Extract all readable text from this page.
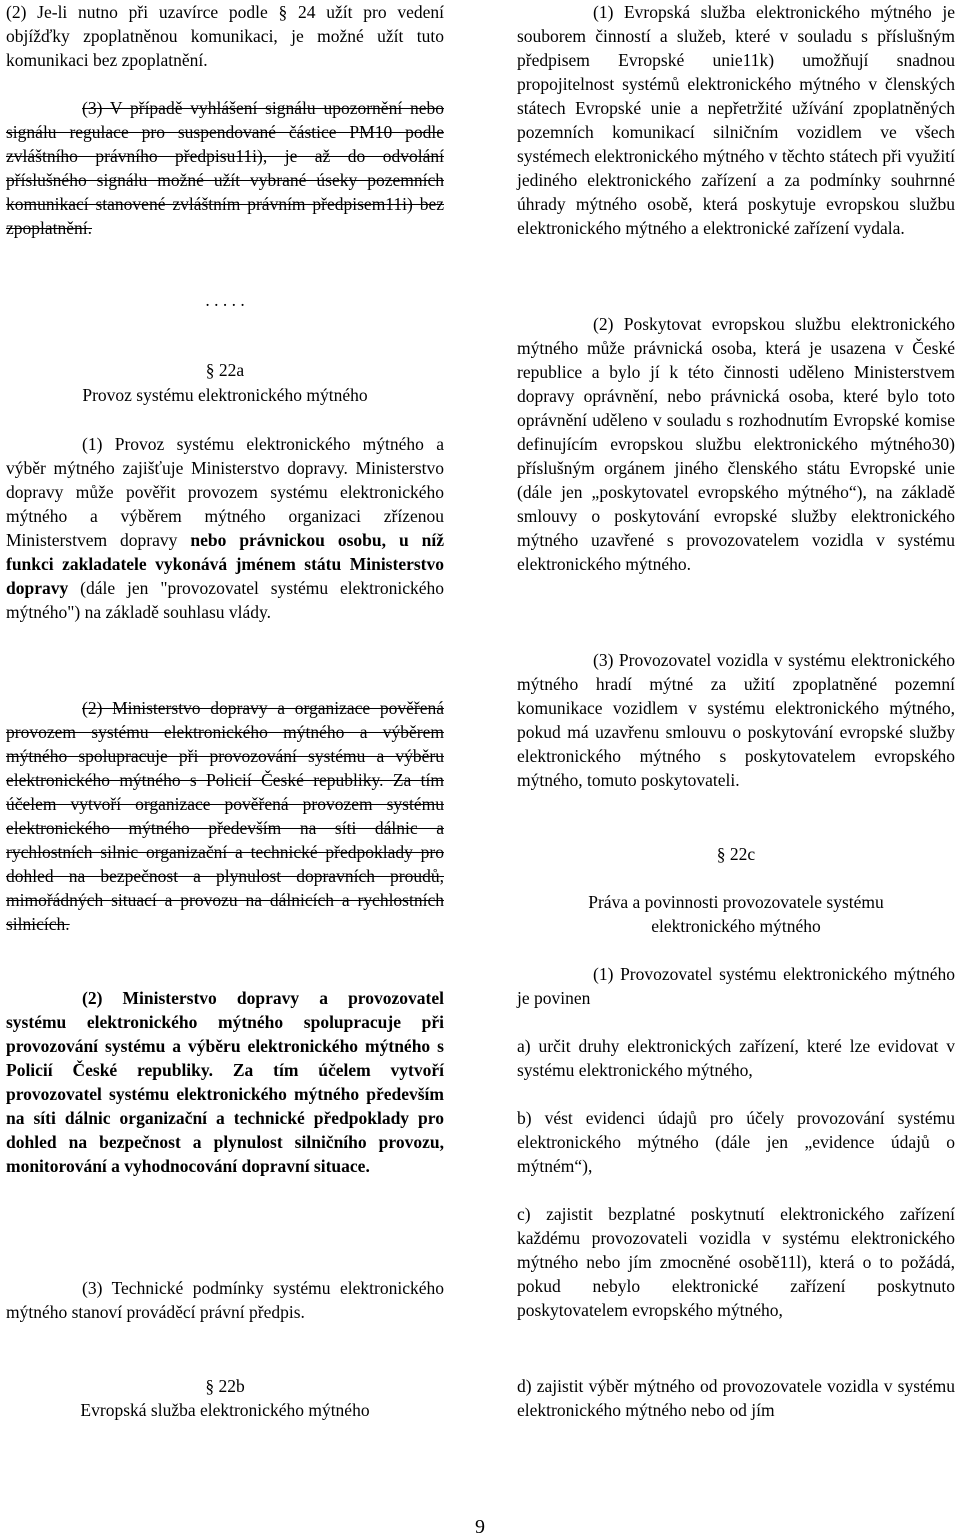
(2) Je-li nutno při uzavírce podle § 24 užít pro vedení objížďky zpoplatněnou komunikaci, je možné užít tuto komunikaci bez zpoplatnění.

(3) V případě vyhlášení signálu upozornění nebo signálu regulace pro suspendované částice PM10 podle zvláštního právního předpisu11i), je až do odvolání příslušného signálu možné užít vybrané úseky pozemních komunikací stanovené zvláštním právním předpisem11i) bez zpoplatnění.

. . . . .

§ 22a

Provoz systému elektronického mýtného

(1) Provoz systému elektronického mýtného a výběr mýtného zajišťuje Ministerstvo dopravy. Ministerstvo dopravy může pověřit provozem systému elektronického mýtného a výběrem mýtného organizaci zřízenou Ministerstvem dopravy nebo právnickou osobu, u níž funkci zakladatele vykonává jménem státu Ministerstvo dopravy (dále jen "provozovatel systému elektronického mýtného") na základě souhlasu vlády.

(2) Ministerstvo dopravy a organizace pověřená provozem systému elektronického mýtného a výběrem mýtného spolupracuje při provozování systému a výběru elektronického mýtného s Policií České republiky. Za tím účelem vytvoří organizace pověřená provozem systému elektronického mýtného především na síti dálnic a rychlostních silnic organizační a technické předpoklady pro dohled na bezpečnost a plynulost dopravních proudů, mimořádných situací a provozu na dálnicích a rychlostních silnicích.

(2) Ministerstvo dopravy a provozovatel systému elektronického mýtného spolupracuje při provozování systému a výběru elektronického mýtného s Policií České republiky. Za tím účelem vytvoří provozovatel systému elektronického mýtného především na síti dálnic organizační a technické předpoklady pro dohled na bezpečnost a plynulost silničního provozu, monitorování a vyhodnocování dopravní situace.

(3) Technické podmínky systému elektronického mýtného stanoví prováděcí právní předpis.

§ 22b

Evropská služba elektronického mýtného

(1) Evropská služba elektronického mýtného je souborem činností a služeb, které v souladu s příslušným předpisem Evropské unie11k) umožňují snadnou propojitelnost systémů elektronického mýtného v členských státech Evropské unie a nepřetržité užívání zpoplatněných pozemních komunikací silničním vozidlem ve všech systémech elektronického mýtného v těchto státech při využití jediného elektronického zařízení a za podmínky souhrnné úhrady mýtného osobě, která poskytuje evropskou službu elektronického mýtného a elektronické zařízení vydala.

(2) Poskytovat evropskou službu elektronického mýtného může právnická osoba, která je usazena v České republice a bylo jí k této činnosti uděleno Ministerstvem dopravy oprávnění, nebo právnická osoba, které bylo toto oprávnění uděleno v souladu s rozhodnutím Evropské komise definujícím evropskou službu elektronického mýtného30) příslušným orgánem jiného členského státu Evropské unie (dále jen „poskytovatel evropského mýtného“), na základě smlouvy o poskytování evropské služby elektronického mýtného uzavřené s provozovatelem vozidla v systému elektronického mýtného.

(3) Provozovatel vozidla v systému elektronického mýtného hradí mýtné za užití zpoplatněné pozemní komunikace vozidlem v systému elektronického mýtného, pokud má uzavřenu smlouvu o poskytování evropské služby elektronického mýtného s poskytovatelem evropského mýtného, tomuto poskytovateli.

§ 22c

Práva a povinnosti provozovatele systému

elektronického mýtného

(1) Provozovatel systému elektronického mýtného je povinen

a) určit druhy elektronických zařízení, které lze evidovat v systému elektronického mýtného,

b) vést evidenci údajů pro účely provozování systému elektronického mýtného (dále jen „evidence údajů o mýtném“),

c) zajistit bezplatné poskytnutí elektronického zařízení každému provozovateli vozidla v systému elektronického mýtného nebo jím zmocněné osobě11l), která o to požádá, pokud nebylo elektronické zařízení poskytnuto poskytovatelem evropského mýtného,

d) zajistit výběr mýtného od provozovatele vozidla v systému elektronického mýtného nebo od jím

9
